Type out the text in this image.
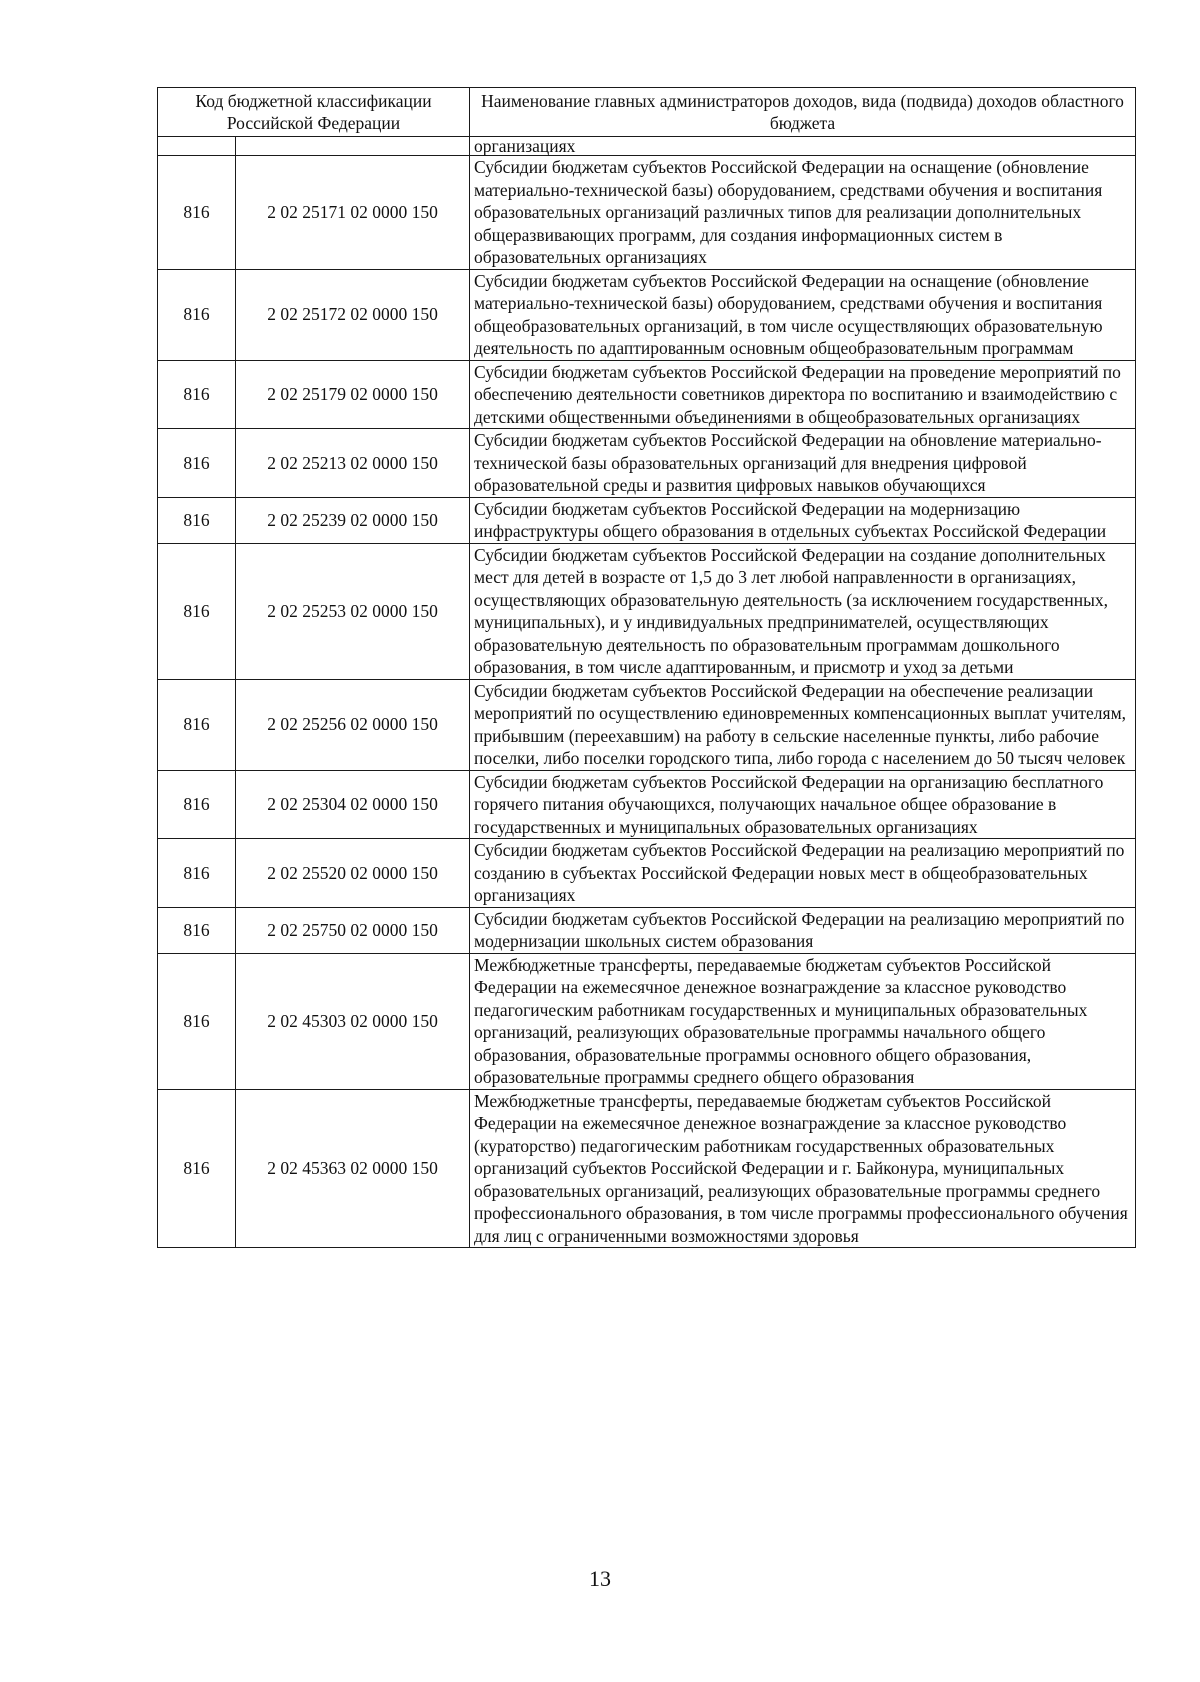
Код бюджетной классификации Российской Федерации		Наименование главных администраторов доходов, вида (подвида) доходов областного бюджета
		организациях
816	2 02 25171 02 0000 150	Субсидии бюджетам субъектов Российской Федерации на оснащение (обновление материально-технической базы) оборудованием, средствами обучения и воспитания образовательных организаций различных типов для реализации дополнительных общеразвивающих программ, для создания информационных систем в образовательных организациях
816	2 02 25172 02 0000 150	Субсидии бюджетам субъектов Российской Федерации на оснащение (обновление материально-технической базы) оборудованием, средствами обучения и воспитания общеобразовательных организаций, в том числе осуществляющих образовательную деятельность по адаптированным основным общеобразовательным программам
816	2 02 25179 02 0000 150	Субсидии бюджетам субъектов Российской Федерации на проведение мероприятий по обеспечению деятельности советников директора по воспитанию и взаимодействию с детскими общественными объединениями в общеобразовательных организациях
816	2 02 25213 02 0000 150	Субсидии бюджетам субъектов Российской Федерации на обновление материально-технической базы образовательных организаций для внедрения цифровой образовательной среды и развития цифровых навыков обучающихся
816	2 02 25239 02 0000 150	Субсидии бюджетам субъектов Российской Федерации на модернизацию инфраструктуры общего образования в отдельных субъектах Российской Федерации
816	2 02 25253 02 0000 150	Субсидии бюджетам субъектов Российской Федерации на создание дополнительных мест для детей в возрасте от 1,5 до 3 лет любой направленности в организациях, осуществляющих образовательную деятельность (за исключением государственных, муниципальных), и у индивидуальных предпринимателей, осуществляющих образовательную деятельность по образовательным программам дошкольного образования, в том числе адаптированным, и присмотр и уход за детьми
816	2 02 25256 02 0000 150	Субсидии бюджетам субъектов Российской Федерации на обеспечение реализации мероприятий по осуществлению единовременных компенсационных выплат учителям, прибывшим (переехавшим) на работу в сельские населенные пункты, либо рабочие поселки, либо поселки городского типа, либо города с населением до 50 тысяч человек
816	2 02 25304 02 0000 150	Субсидии бюджетам субъектов Российской Федерации на организацию бесплатного горячего питания обучающихся, получающих начальное общее образование в государственных и муниципальных образовательных организациях
816	2 02 25520 02 0000 150	Субсидии бюджетам субъектов Российской Федерации на реализацию мероприятий по созданию в субъектах Российской Федерации новых мест в общеобразовательных организациях
816	2 02 25750 02 0000 150	Субсидии бюджетам субъектов Российской Федерации на реализацию мероприятий по модернизации школьных систем образования
816	2 02 45303 02 0000 150	Межбюджетные трансферты, передаваемые бюджетам субъектов Российской Федерации на ежемесячное денежное вознаграждение за классное руководство педагогическим работникам государственных и муниципальных образовательных организаций, реализующих образовательные программы начального общего образования, образовательные программы основного общего образования, образовательные программы среднего общего образования
816	2 02 45363 02 0000 150	Межбюджетные трансферты, передаваемые бюджетам субъектов Российской Федерации на ежемесячное денежное вознаграждение за классное руководство (кураторство) педагогическим работникам государственных образовательных организаций субъектов Российской Федерации и г. Байконура, муниципальных образовательных организаций, реализующих образовательные программы среднего профессионального образования, в том числе программы профессионального обучения для лиц с ограниченными возможностями здоровья
13
